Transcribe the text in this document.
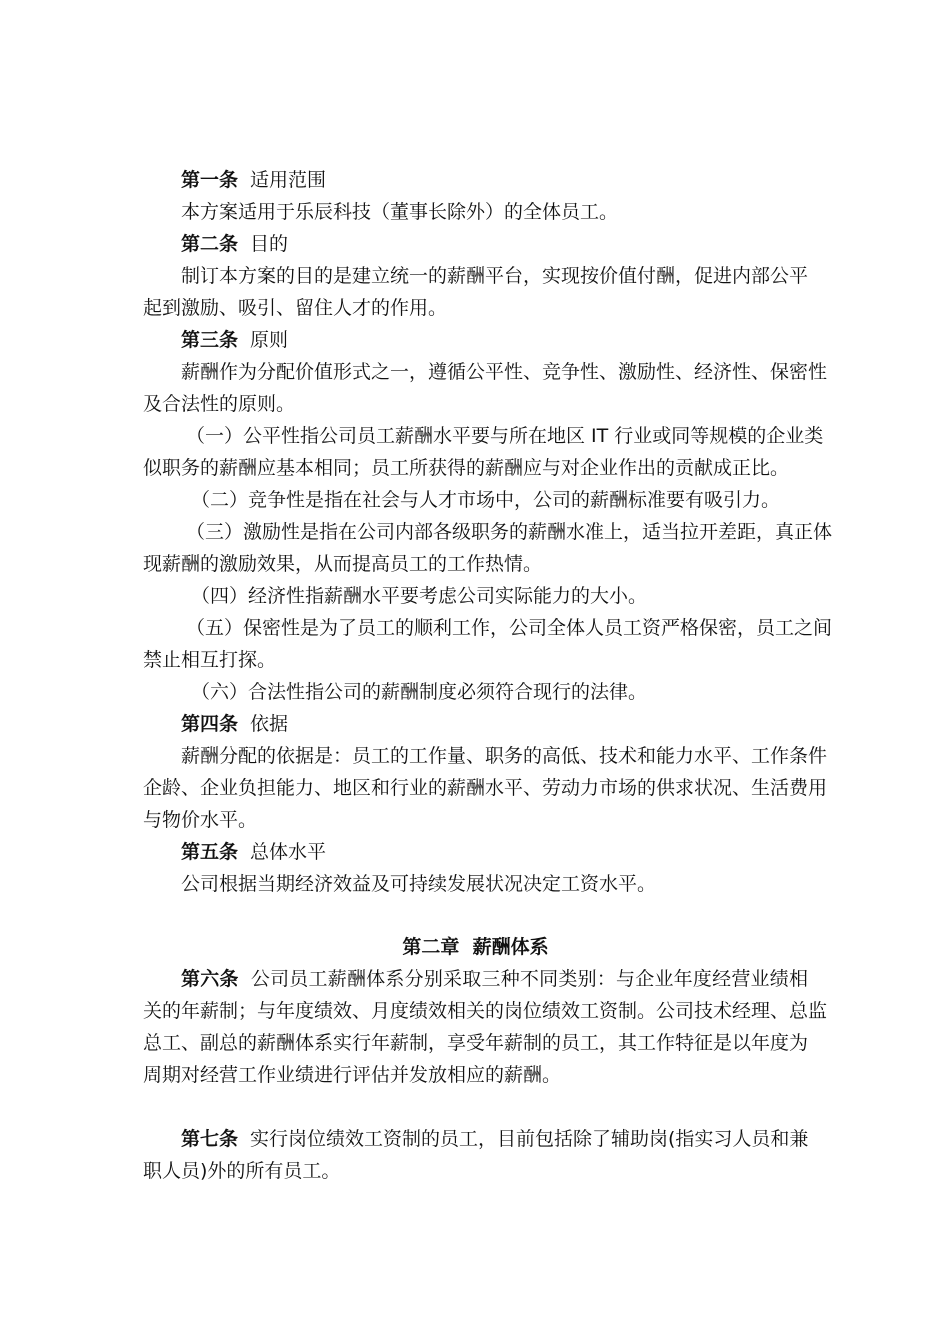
第一条 适用范围
本方案适用于乐辰科技（董事长除外）的全体员工。
第二条 目的
制订本方案的目的是建立统一的薪酬平台，实现按价值付酬，促进内部公平
起到激励、吸引、留住人才的作用。
第三条 原则
薪酬作为分配价值形式之一，遵循公平性、竞争性、激励性、经济性、保密性
及合法性的原则。
（一）公平性指公司员工薪酬水平要与所在地区 IT 行业或同等规模的企业类
似职务的薪酬应基本相同；员工所获得的薪酬应与对企业作出的贡献成正比。
（二）竞争性是指在社会与人才市场中，公司的薪酬标准要有吸引力。
（三）激励性是指在公司内部各级职务的薪酬水准上，适当拉开差距，真正体
现薪酬的激励效果，从而提高员工的工作热情。
（四）经济性指薪酬水平要考虑公司实际能力的大小。
（五）保密性是为了员工的顺利工作，公司全体人员工资严格保密，员工之间
禁止相互打探。
（六）合法性指公司的薪酬制度必须符合现行的法律。
第四条 依据
薪酬分配的依据是：员工的工作量、职务的高低、技术和能力水平、工作条件
企龄、企业负担能力、地区和行业的薪酬水平、劳动力市场的供求状况、生活费用
与物价水平。
第五条 总体水平
公司根据当期经济效益及可持续发展状况决定工资水平。
第二章  薪酬体系
第六条 公司员工薪酬体系分别采取三种不同类别：与企业年度经营业绩相
关的年薪制；与年度绩效、月度绩效相关的岗位绩效工资制。公司技术经理、总监
总工、副总的薪酬体系实行年薪制，享受年薪制的员工，其工作特征是以年度为
周期对经营工作业绩进行评估并发放相应的薪酬。
第七条 实行岗位绩效工资制的员工，目前包括除了辅助岗(指实习人员和兼
职人员)外的所有员工。
